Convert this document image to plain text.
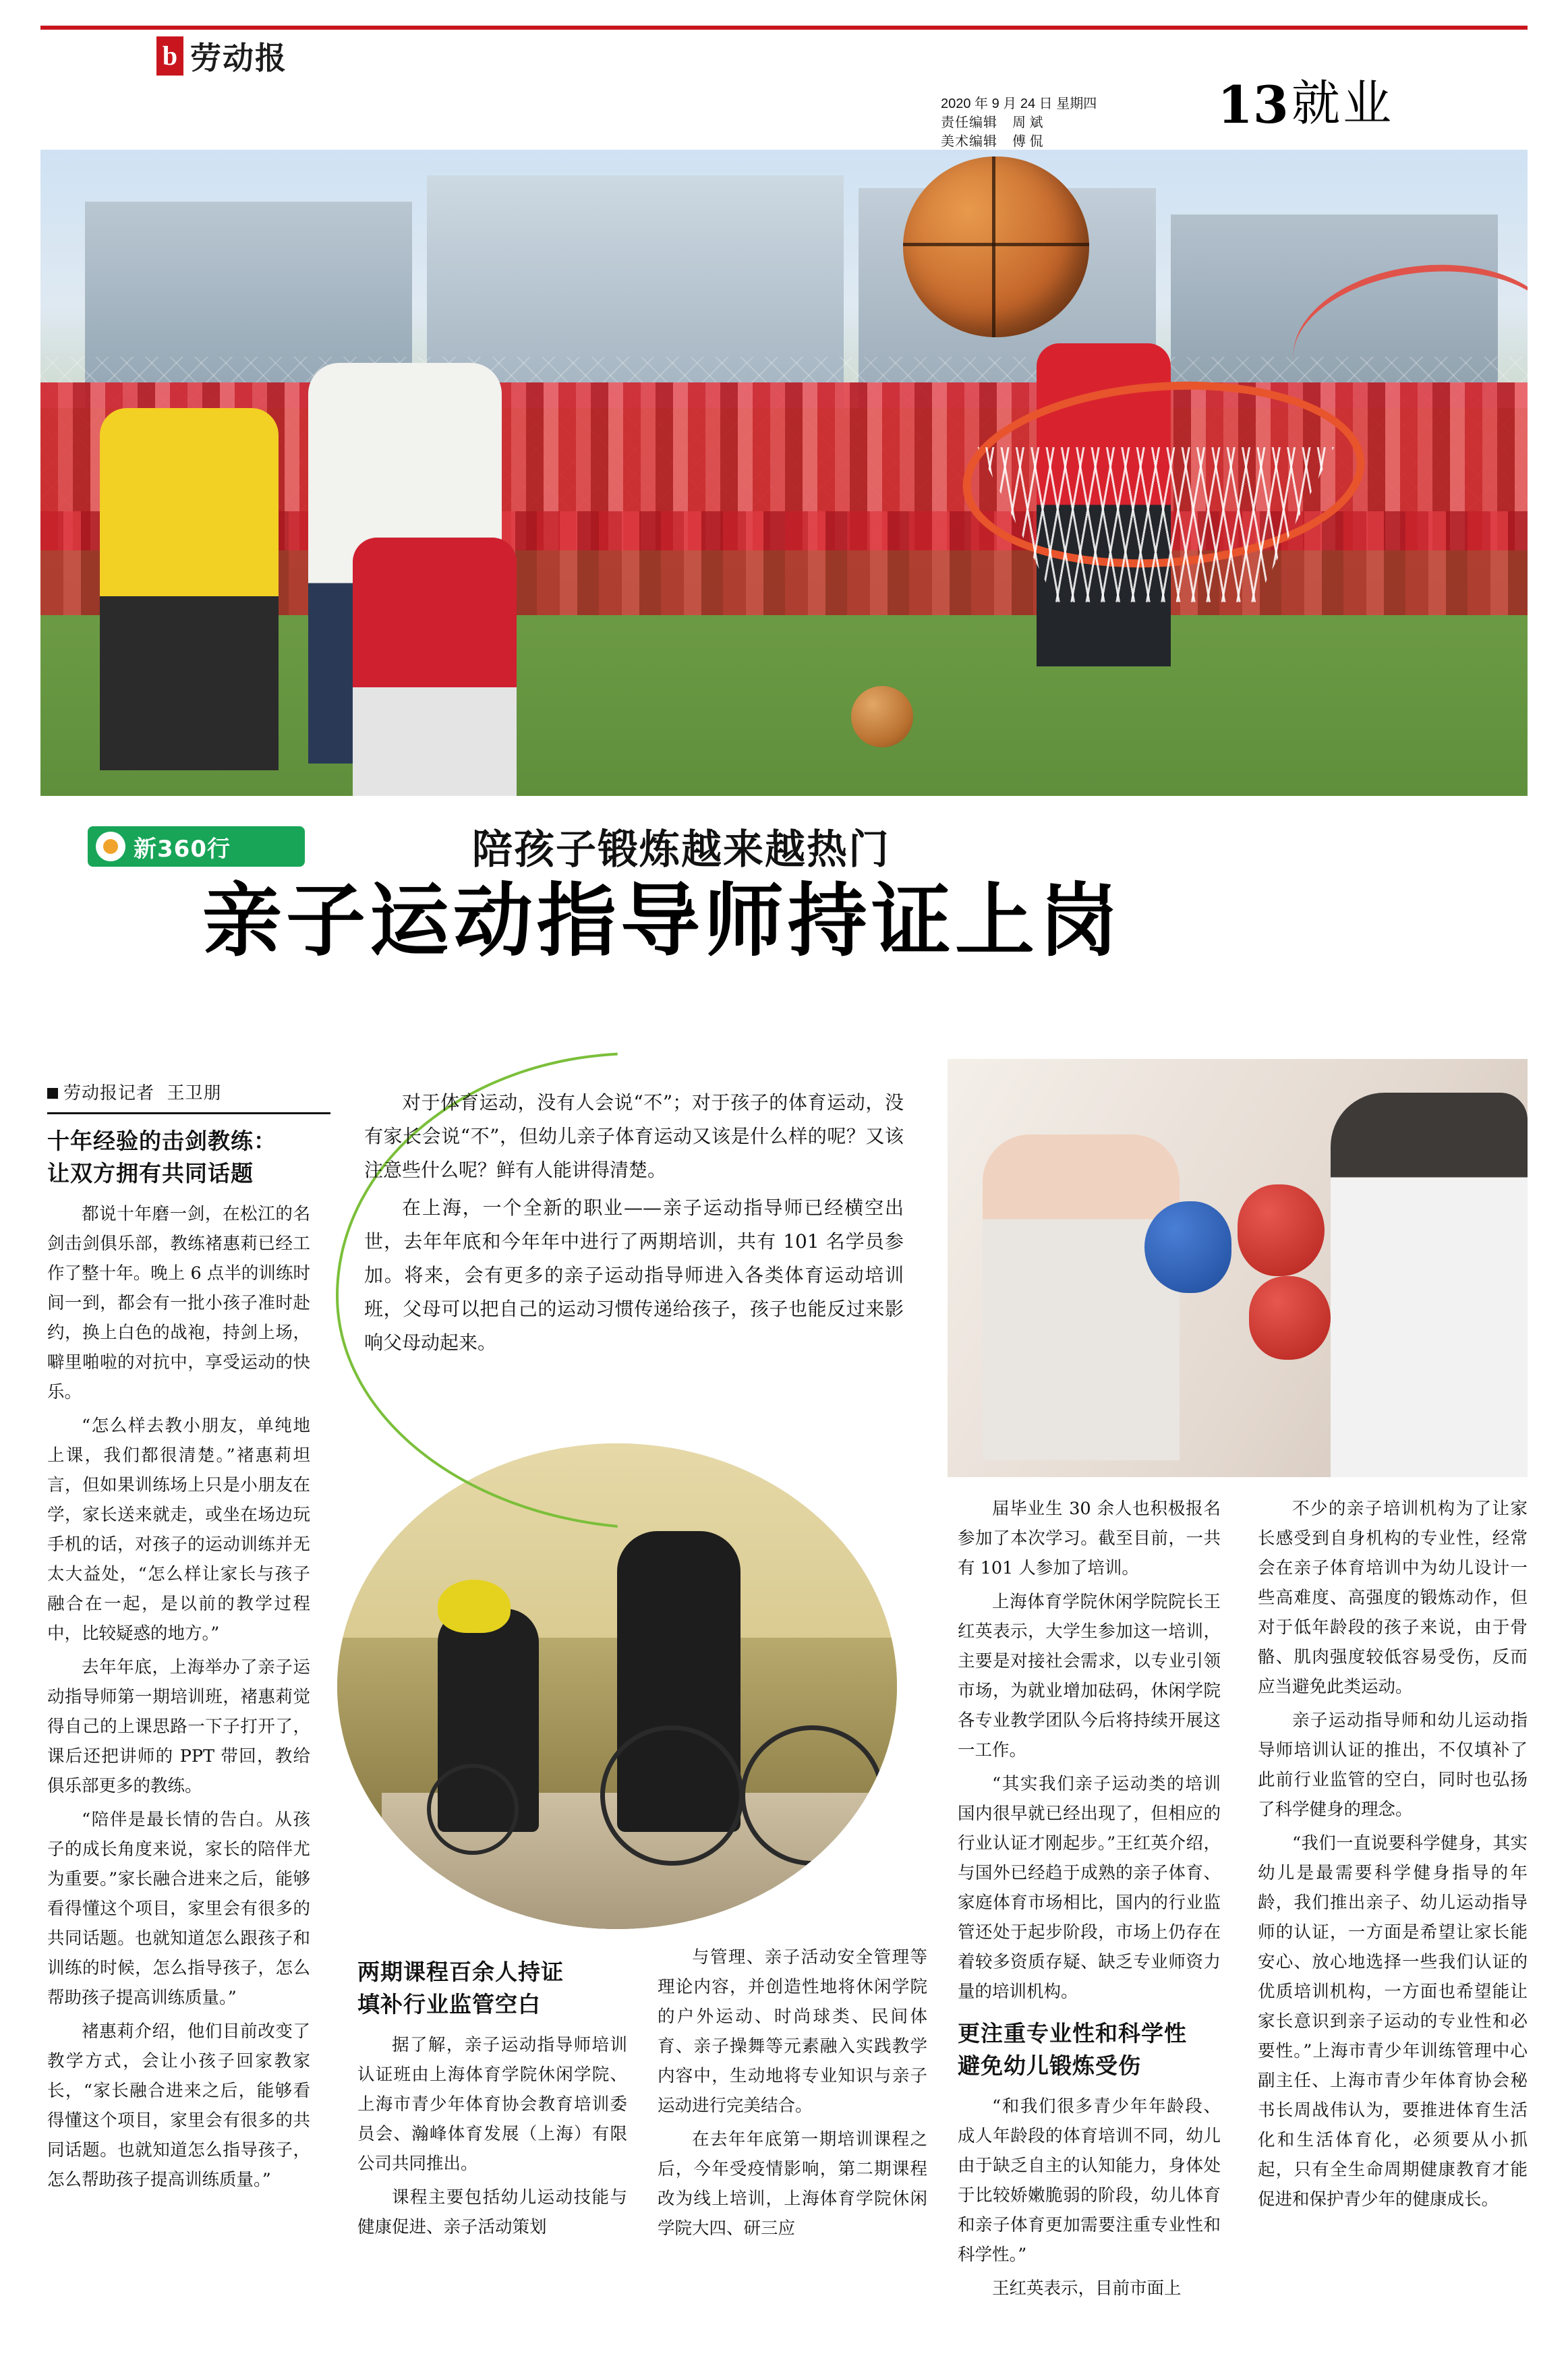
b 劳动报
2020 年 9 月 24 日 星期四
责任编辑 周 斌
美术编辑 傅 侃
13 就业
新360行	陪孩子锻炼越来越热门
亲子运动指导师持证上岗
劳动报记者 王卫朋	对于体育运动，没有人会说“不”；对于孩子的体育运动，没有家长会说“不”，但幼儿亲子体育运动又该是什么样的呢？又该注意些什么呢？鲜有人能讲得清楚。

在上海，一个全新的职业——亲子运动指导师已经横空出世，去年年底和今年年中进行了两期培训，共有 101 名学员参加。将来，会有更多的亲子运动指导师进入各类体育运动培训班，父母可以把自己的运动习惯传递给孩子，孩子也能反过来影响父母动起来。

十年经验的击剑教练：
让双方拥有共同话题

都说十年磨一剑，在松江的名剑击剑俱乐部，教练褚惠莉已经工作了整十年。晚上 6 点半的训练时间一到，都会有一批小孩子准时赴约，换上白色的战袍，持剑上场，噼里啪啦的对抗中，享受运动的快乐。

“怎么样去教小朋友，单纯地上课，我们都很清楚。”褚惠莉坦言，但如果训练场上只是小朋友在学，家长送来就走，或坐在场边玩手机的话，对孩子的运动训练并无太大益处，“怎么样让家长与孩子融合在一起，是以前的教学过程中，比较疑惑的地方。”

去年年底，上海举办了亲子运动指导师第一期培训班，褚惠莉觉得自己的上课思路一下子打开了，课后还把讲师的 PPT 带回，教给俱乐部更多的教练。

“陪伴是最长情的告白。从孩子的成长角度来说，家长的陪伴尤为重要。”家长融合进来之后，能够看得懂这个项目，家里会有很多的共同话题。也就知道怎么跟孩子和训练的时候，怎么指导孩子，怎么帮助孩子提高训练质量。”

褚惠莉介绍，他们目前改变了教学方式，会让小孩子回家教家长，“家长融合进来之后，能够看得懂这个项目，家里会有很多的共同话题。也就知道怎么指导孩子，怎么帮助孩子提高训练质量。”

两期课程百余人持证
填补行业监管空白

据了解，亲子运动指导师培训认证班由上海体育学院休闲学院、上海市青少年体育协会教育培训委员会、瀚峰体育发展（上海）有限公司共同推出。

课程主要包括幼儿运动技能与健康促进、亲子活动策划

与管理、亲子活动安全管理等理论内容，并创造性地将休闲学院的户外运动、时尚球类、民间体育、亲子操舞等元素融入实践教学内容中，生动地将专业知识与亲子运动进行完美结合。

在去年年底第一期培训课程之后，今年受疫情影响，第二期课程改为线上培训，上海体育学院休闲学院大四、研三应

届毕业生 30 余人也积极报名参加了本次学习。截至目前，一共有 101 人参加了培训。

上海体育学院休闲学院院长王红英表示，大学生参加这一培训，主要是对接社会需求，以专业引领市场，为就业增加砝码，休闲学院各专业教学团队今后将持续开展这一工作。

“其实我们亲子运动类的培训国内很早就已经出现了，但相应的行业认证才刚起步。”王红英介绍，与国外已经趋于成熟的亲子体育、家庭体育市场相比，国内的行业监管还处于起步阶段，市场上仍存在着较多资质存疑、缺乏专业师资力量的培训机构。

更注重专业性和科学性
避免幼儿锻炼受伤

“和我们很多青少年年龄段、成人年龄段的体育培训不同，幼儿由于缺乏自主的认知能力，身体处于比较娇嫩脆弱的阶段，幼儿体育和亲子体育更加需要注重专业性和科学性。”

王红英表示，目前市面上

不少的亲子培训机构为了让家长感受到自身机构的专业性，经常会在亲子体育培训中为幼儿设计一些高难度、高强度的锻炼动作，但对于低年龄段的孩子来说，由于骨骼、肌肉强度较低容易受伤，反而应当避免此类运动。

亲子运动指导师和幼儿运动指导师培训认证的推出，不仅填补了此前行业监管的空白，同时也弘扬了科学健身的理念。

“我们一直说要科学健身，其实幼儿是最需要科学健身指导的年龄，我们推出亲子、幼儿运动指导师的认证，一方面是希望让家长能安心、放心地选择一些我们认证的优质培训机构，一方面也希望能让家长意识到亲子运动的专业性和必要性。”上海市青少年训练管理中心副主任、上海市青少年体育协会秘书长周战伟认为，要推进体育生活化和生活体育化，必须要从小抓起，只有全生命周期健康教育才能促进和保护青少年的健康成长。
